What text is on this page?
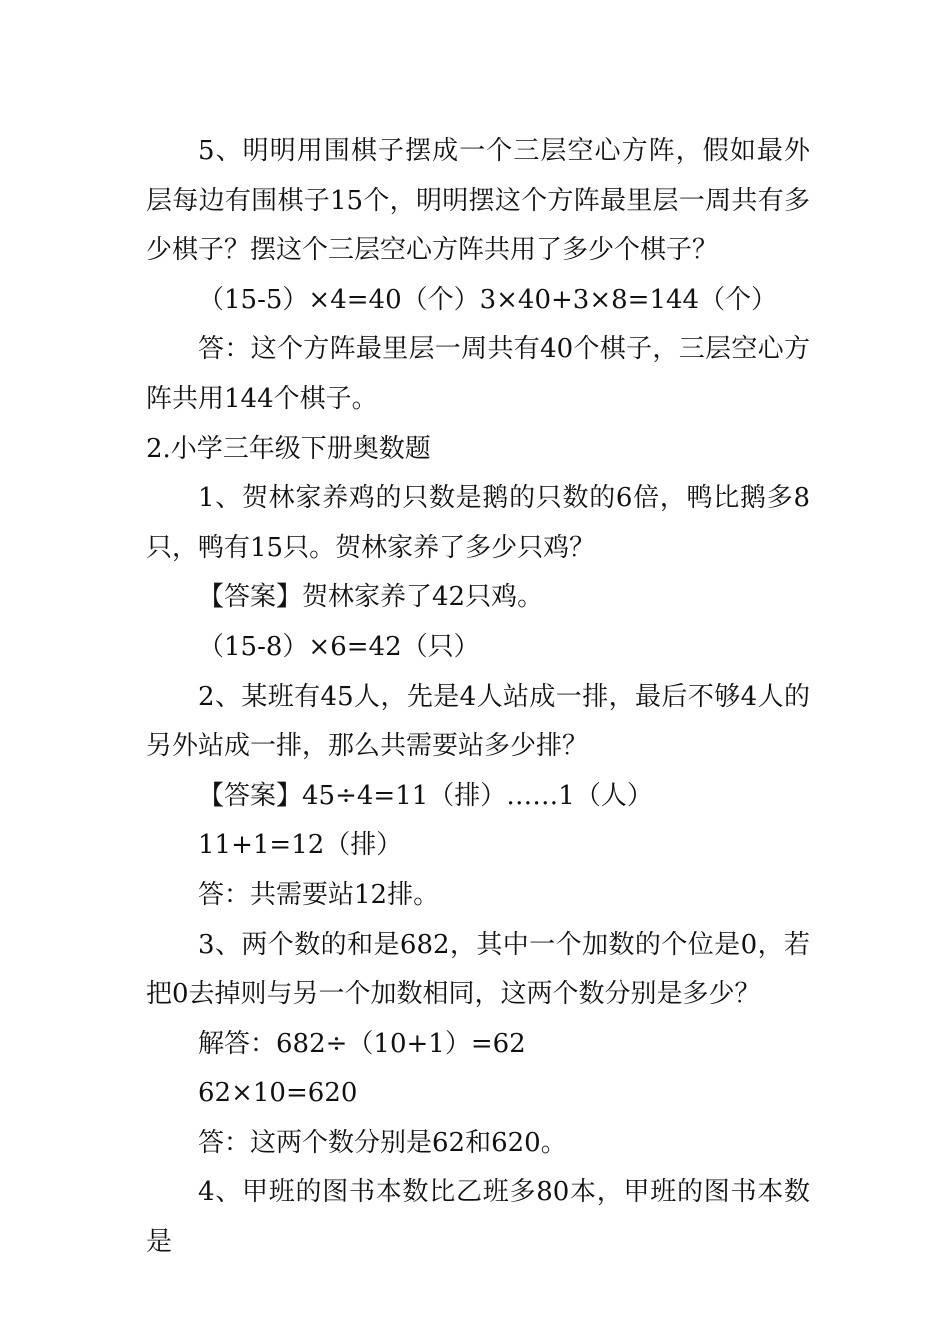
5、明明用围棋子摆成一个三层空心方阵，假如最外层每边有围棋子15个，明明摆这个方阵最里层一周共有多少棋子？摆这个三层空心方阵共用了多少个棋子？

（15-5）×4=40（个）3×40+3×8=144（个）

答：这个方阵最里层一周共有40个棋子，三层空心方阵共用144个棋子。

2.小学三年级下册奥数题

1、贺林家养鸡的只数是鹅的只数的6倍，鸭比鹅多8只，鸭有15只。贺林家养了多少只鸡？

【答案】贺林家养了42只鸡。

（15-8）×6=42（只）

2、某班有45人，先是4人站成一排，最后不够4人的另外站成一排，那么共需要站多少排？

【答案】45÷4=11（排）……1（人）

11+1=12（排）

答：共需要站12排。

3、两个数的和是682，其中一个加数的个位是0，若把0去掉则与另一个加数相同，这两个数分别是多少？

解答：682÷（10+1）=62

62×10=620

答：这两个数分别是62和620。

4、甲班的图书本数比乙班多80本，甲班的图书本数是
